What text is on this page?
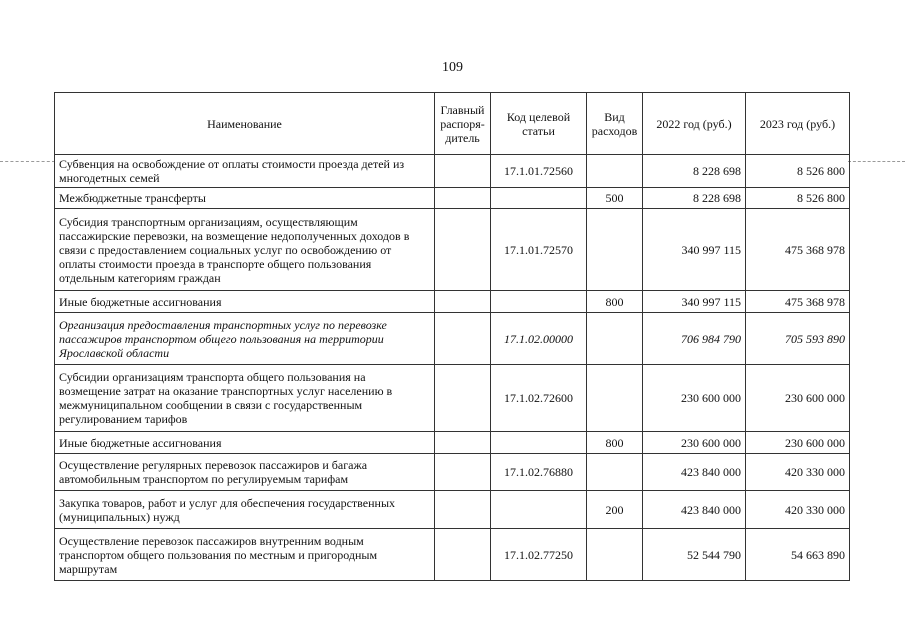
109
Наименование	Главный распоря- дитель	Код целевой статьи	Вид расходов	2022 год (руб.)	2023 год (руб.)
Субвенция на освобождение от оплаты стоимости проезда детей из многодетных семей		17.1.01.72560		8 228 698	8 526 800
Межбюджетные трансферты			500	8 228 698	8 526 800
Субсидия транспортным организациям, осуществляющим пассажирские перевозки, на возмещение недополученных доходов в связи с предоставлением социальных услуг по освобождению от оплаты стоимости проезда в транспорте общего пользования отдельным категориям граждан		17.1.01.72570		340 997 115	475 368 978
Иные бюджетные ассигнования			800	340 997 115	475 368 978
Организация предоставления транспортных услуг по перевозке пассажиров транспортом общего пользования на территории Ярославской области		17.1.02.00000		706 984 790	705 593 890
Субсидии организациям транспорта общего пользования на возмещение затрат на оказание транспортных услуг населению в межмуниципальном сообщении в связи с государственным регулированием тарифов		17.1.02.72600		230 600 000	230 600 000
Иные бюджетные ассигнования			800	230 600 000	230 600 000
Осуществление регулярных перевозок пассажиров и багажа автомобильным транспортом по регулируемым тарифам		17.1.02.76880		423 840 000	420 330 000
Закупка товаров, работ и услуг для обеспечения государственных (муниципальных) нужд			200	423 840 000	420 330 000
Осуществление перевозок пассажиров внутренним водным транспортом общего пользования по местным и пригородным маршрутам		17.1.02.77250		52 544 790	54 663 890
